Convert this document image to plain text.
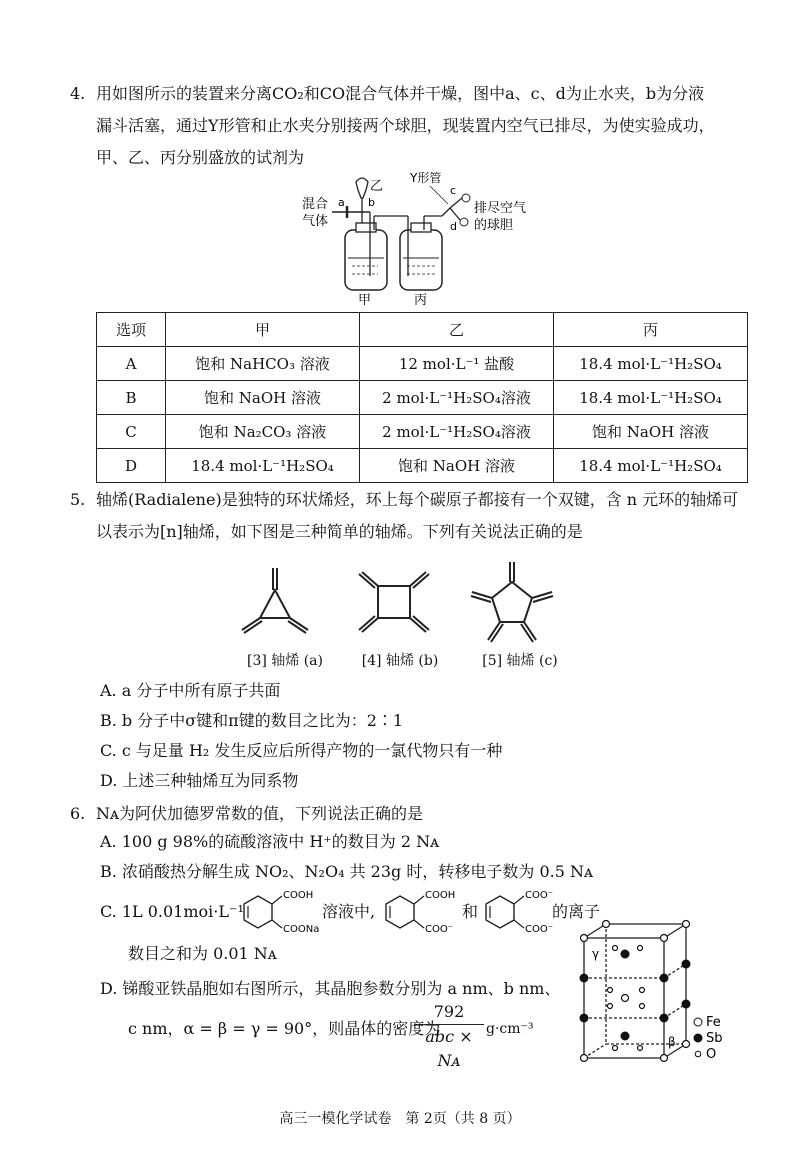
4. 用如图所示的装置来分离CO₂和CO混合气体并干燥，图中a、c、d为止水夹，b为分液
漏斗活塞，通过Y形管和止水夹分别接两个球胆，现装置内空气已排尽，为使实验成功，
甲、乙、丙分别盛放的试剂为
混合
气体
a
乙
b
Y形管
c
d
排尽空气
的球胆
甲	丙
选项	甲	乙	丙
A	饱和 NaHCO₃ 溶液	12 mol·L⁻¹ 盐酸	18.4 mol·L⁻¹H₂SO₄
B	饱和 NaOH 溶液	2 mol·L⁻¹H₂SO₄溶液	18.4 mol·L⁻¹H₂SO₄
C	饱和 Na₂CO₃ 溶液	2 mol·L⁻¹H₂SO₄溶液	饱和 NaOH 溶液
D	18.4 mol·L⁻¹H₂SO₄	饱和 NaOH 溶液	18.4 mol·L⁻¹H₂SO₄
5. 轴烯(Radialene)是独特的环状烯烃，环上每个碳原子都接有一个双键，含 n 元环的轴烯可
以表示为[n]轴烯，如下图是三种简单的轴烯。下列有关说法正确的是
[3] 轴烯 (a)	[4] 轴烯 (b)	[5] 轴烯 (c)
A. a 分子中所有原子共面
B. b 分子中σ键和π键的数目之比为：2∶1
C. c 与足量 H₂ 发生反应后所得产物的一氯代物只有一种
D. 上述三种轴烯互为同系物
6. Nᴀ为阿伏加德罗常数的值，下列说法正确的是
A. 100 g 98%的硫酸溶液中 H⁺的数目为 2 Nᴀ
B. 浓硝酸热分解生成 NO₂、N₂O₄ 共 23g 时，转移电子数为 0.5 Nᴀ
C. 1L 0.01moi·L⁻¹
COOH
COONa
溶液中,
COOH
COO⁻
和
COO⁻
COO⁻
的离子
数目之和为 0.01 Nᴀ
D. 锑酸亚铁晶胞如右图所示，其晶胞参数分别为 a nm、b nm、
c nm，α = β = γ = 90°，则晶体的密度为
792
abc × Nᴀ
g·cm⁻³
γ
β
Fe
Sb
O
高三一模化学试卷　第 2页（共 8 页）
